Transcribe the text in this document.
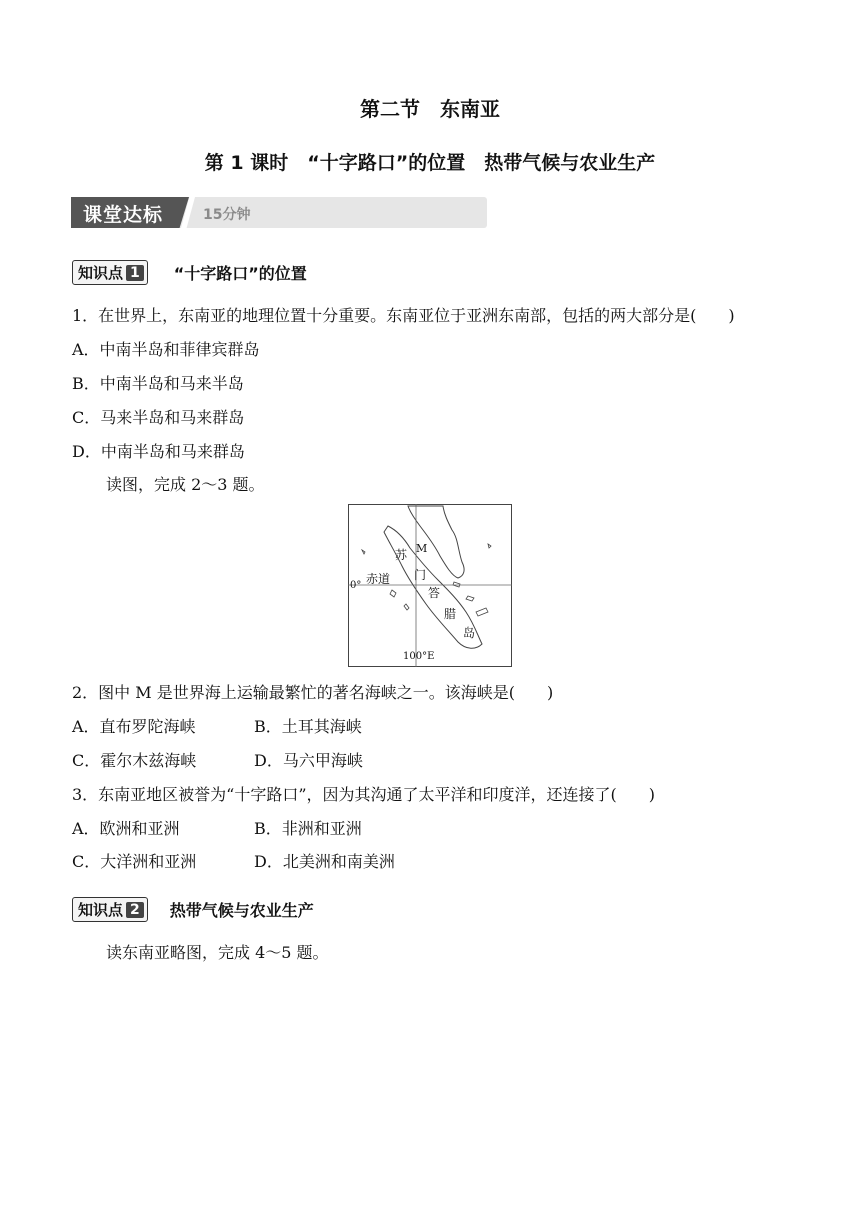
第二节　东南亚
第 1 课时　“十字路口”的位置　热带气候与农业生产
课堂达标	15分钟
知识点 1 “十字路口”的位置
1．在世界上，东南亚的地理位置十分重要。东南亚位于亚洲东南部，包括的两大部分是(　　)
A．中南半岛和菲律宾群岛
B．中南半岛和马来半岛
C．马来半岛和马来群岛
D．中南半岛和马来群岛
读图，完成 2～3 题。
苏 M
门
赤道
0°
答
腊
岛
100°E
2．图中 M 是世界海上运输最繁忙的著名海峡之一。该海峡是(　　)
A．直布罗陀海峡	B．土耳其海峡
C．霍尔木兹海峡	D．马六甲海峡
3．东南亚地区被誉为“十字路口”，因为其沟通了太平洋和印度洋，还连接了(　　)
A．欧洲和亚洲	B．非洲和亚洲
C．大洋洲和亚洲	D．北美洲和南美洲
知识点 2 热带气候与农业生产
读东南亚略图，完成 4～5 题。
